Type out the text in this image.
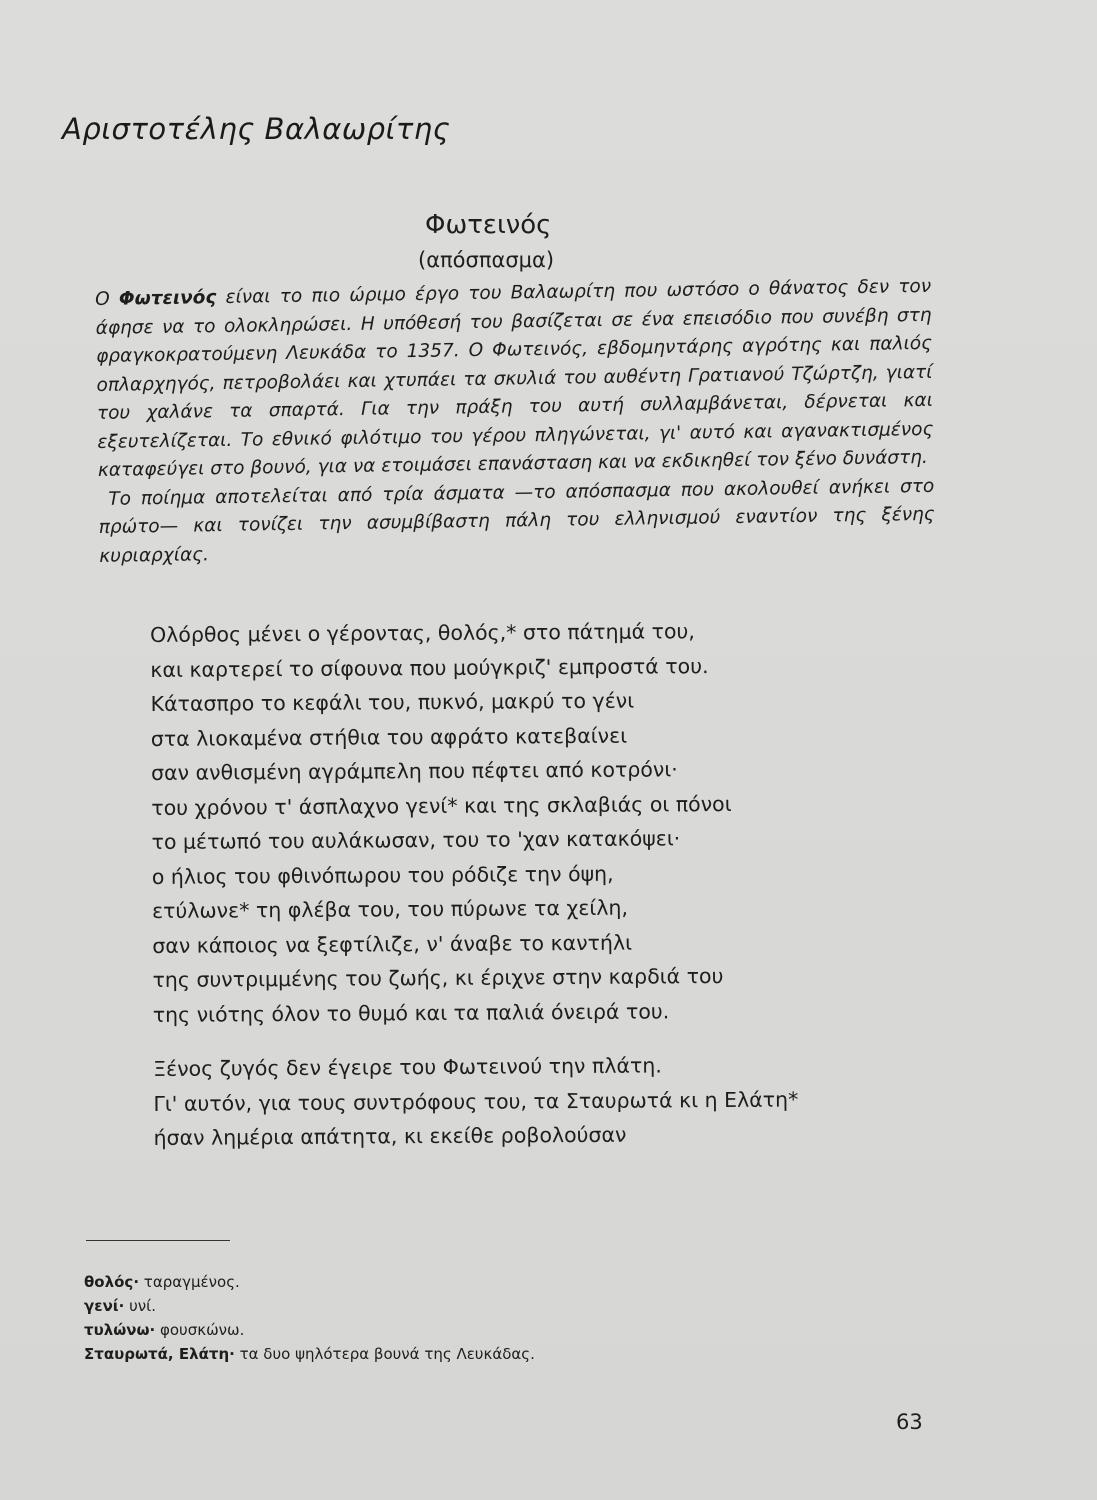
Αριστοτέλης Βαλαωρίτης
Φωτεινός
(απόσπασμα)

Ο Φωτεινός είναι το πιο ώριμο έργο του Βαλαωρίτη που ωστόσο ο θάνατος δεν τον άφησε να το ολοκληρώσει. Η υπόθεσή του βασίζεται σε ένα επεισόδιο που συνέβη στη φραγκοκρατούμενη Λευκάδα το 1357. Ο Φωτεινός, εβδομηντάρης αγρότης και παλιός οπλαρχηγός, πετροβολάει και χτυπάει τα σκυλιά του αυθέντη Γρατιανού Τζώρτζη, γιατί του χαλάνε τα σπαρτά. Για την πράξη του αυτή συλλαμβάνεται, δέρνεται και εξευτελίζεται. Το εθνικό φιλότιμο του γέρου πληγώνεται, γι' αυτό και αγανακτισμένος καταφεύγει στο βουνό, για να ετοιμάσει επανάσταση και να εκδικηθεί τον ξένο δυνάστη.

Το ποίημα αποτελείται από τρία άσματα —το απόσπασμα που ακολουθεί ανήκει στο πρώτο— και τονίζει την ασυμβίβαστη πάλη του ελληνισμού εναντίον της ξένης κυριαρχίας.

Ολόρθος μένει ο γέροντας, θολός,* στο πάτημά του,
και καρτερεί το σίφουνα που μούγκριζ' εμπροστά του.
Κάτασπρο το κεφάλι του, πυκνό, μακρύ το γένι
στα λιοκαμένα στήθια του αφράτο κατεβαίνει
σαν ανθισμένη αγράμπελη που πέφτει από κοτρόνι·
του χρόνου τ' άσπλαχνο γενί* και της σκλαβιάς οι πόνοι
το μέτωπό του αυλάκωσαν, του το 'χαν κατακόψει·
ο ήλιος του φθινόπωρου του ρόδιζε την όψη,
ετύλωνε* τη φλέβα του, του πύρωνε τα χείλη,
σαν κάποιος να ξεφτίλιζε, ν' άναβε το καντήλι
της συντριμμένης του ζωής, κι έριχνε στην καρδιά του
της νιότης όλον το θυμό και τα παλιά όνειρά του.
Ξένος ζυγός δεν έγειρε του Φωτεινού την πλάτη.
Γι' αυτόν, για τους συντρόφους του, τα Σταυρωτά κι η Ελάτη*
ήσαν λημέρια απάτητα, κι εκείθε ροβολούσαν
θολός· ταραγμένος.
γενί· υνί.
τυλώνω· φουσκώνω.
Σταυρωτά, Ελάτη· τα δυο ψηλότερα βουνά της Λευκάδας.
63
